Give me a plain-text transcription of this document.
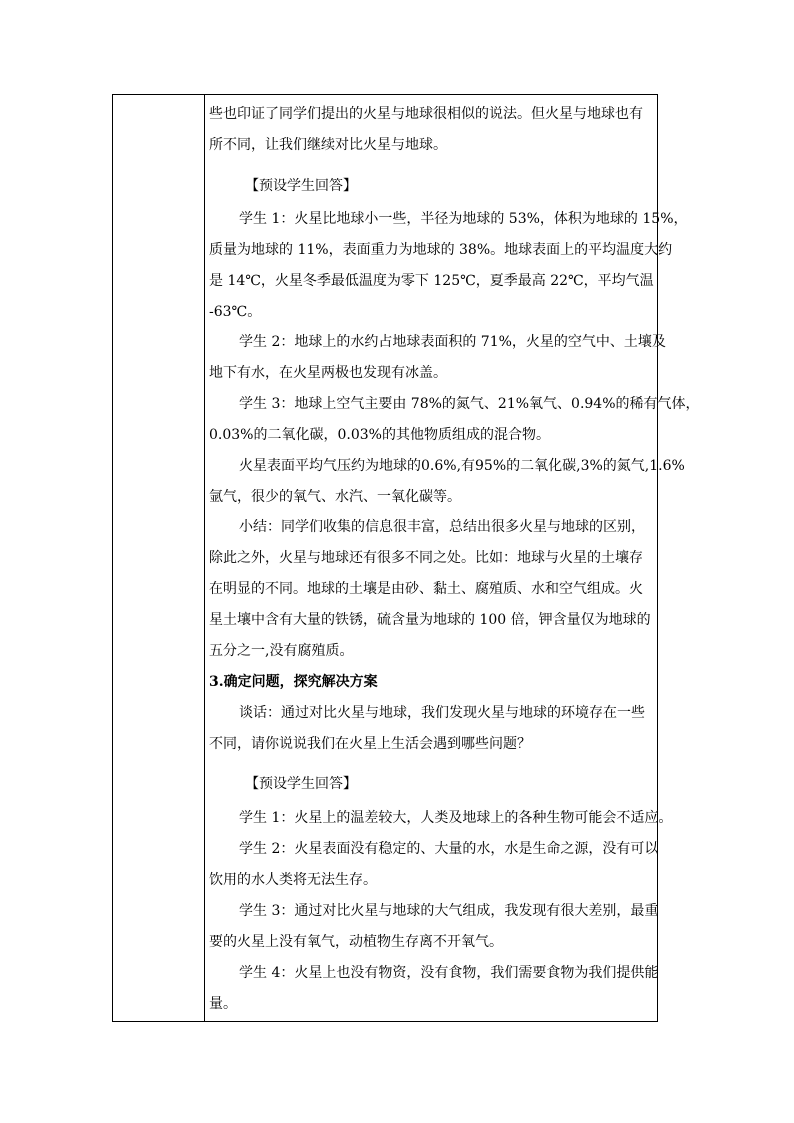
些也印证了同学们提出的火星与地球很相似的说法。但火星与地球也有
所不同，让我们继续对比火星与地球。
【预设学生回答】
学生 1：火星比地球小一些，半径为地球的 53%，体积为地球的 15%，
质量为地球的 11%，表面重力为地球的 38%。地球表面上的平均温度大约
是 14℃，火星冬季最低温度为零下 125℃，夏季最高 22℃，平均气温
-63℃。
学生 2：地球上的水约占地球表面积的 71%，火星的空气中、土壤及
地下有水，在火星两极也发现有冰盖。
学生 3：地球上空气主要由 78%的氮气、21%氧气、0.94%的稀有气体，
0.03%的二氧化碳，0.03%的其他物质组成的混合物。
火星表面平均气压约为地球的0.6%,有95%的二氧化碳,3%的氮气,1.6%
氩气，很少的氧气、水汽、一氧化碳等。
小结：同学们收集的信息很丰富，总结出很多火星与地球的区别，
除此之外，火星与地球还有很多不同之处。比如：地球与火星的土壤存
在明显的不同。地球的土壤是由砂、黏土、腐殖质、水和空气组成。火
星土壤中含有大量的铁锈，硫含量为地球的 100 倍，钾含量仅为地球的
五分之一,没有腐殖质。
3.确定问题，探究解决方案
谈话：通过对比火星与地球，我们发现火星与地球的环境存在一些
不同，请你说说我们在火星上生活会遇到哪些问题？
【预设学生回答】
学生 1：火星上的温差较大，人类及地球上的各种生物可能会不适应。
学生 2：火星表面没有稳定的、大量的水，水是生命之源，没有可以
饮用的水人类将无法生存。
学生 3：通过对比火星与地球的大气组成，我发现有很大差别，最重
要的火星上没有氧气，动植物生存离不开氧气。
学生 4：火星上也没有物资，没有食物，我们需要食物为我们提供能
量。
